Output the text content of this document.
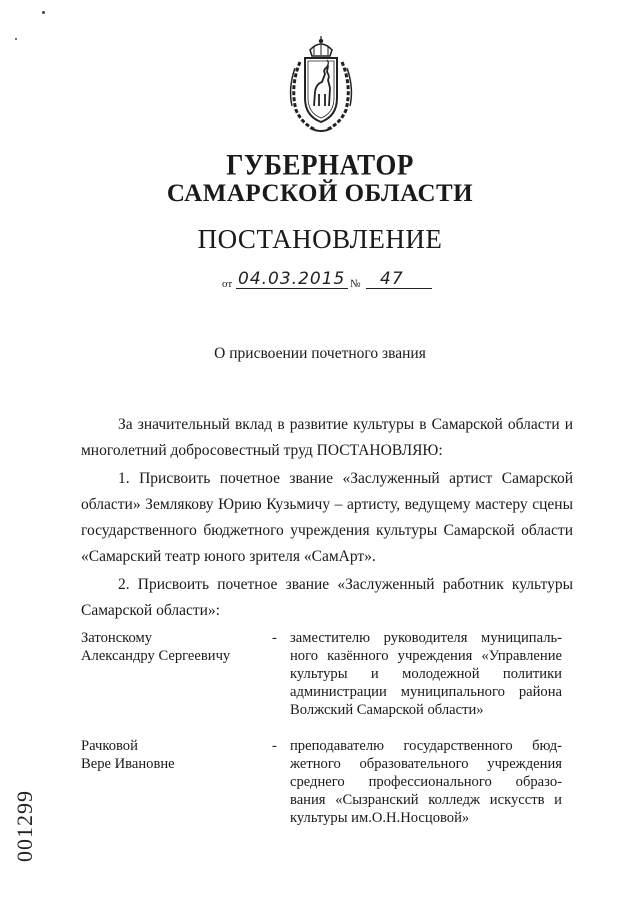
ГУБЕРНАТОР
САМАРСКОЙ ОБЛАСТИ
ПОСТАНОВЛЕНИЕ
от 04.03.2015 № 47
О присвоении почетного звания
За значительный вклад в развитие культуры в Самарской области и
многолетний добросовестный труд ПОСТАНОВЛЯЮ:
1. Присвоить почетное звание «Заслуженный артист Самарской
области» Землякову Юрию Кузьмичу – артисту, ведущему мастеру сцены
государственного бюджетного учреждения культуры Самарской области
«Самарский театр юного зрителя «СамАрт».
2. Присвоить почетное звание «Заслуженный работник культуры
Самарской области»:
Затонскому
Александру Сергеевичу
- заместителю руководителя муниципаль-
ного казённого учреждения «Управление
культуры и молодежной политики
администрации муниципального района
Волжский Самарской области»
Рачковой
Вере Ивановне
- преподавателю государственного бюд-
жетного образовательного учреждения
среднего профессионального образо-
вания «Сызранский колледж искусств и
культуры им.О.Н.Носцовой»
001299
